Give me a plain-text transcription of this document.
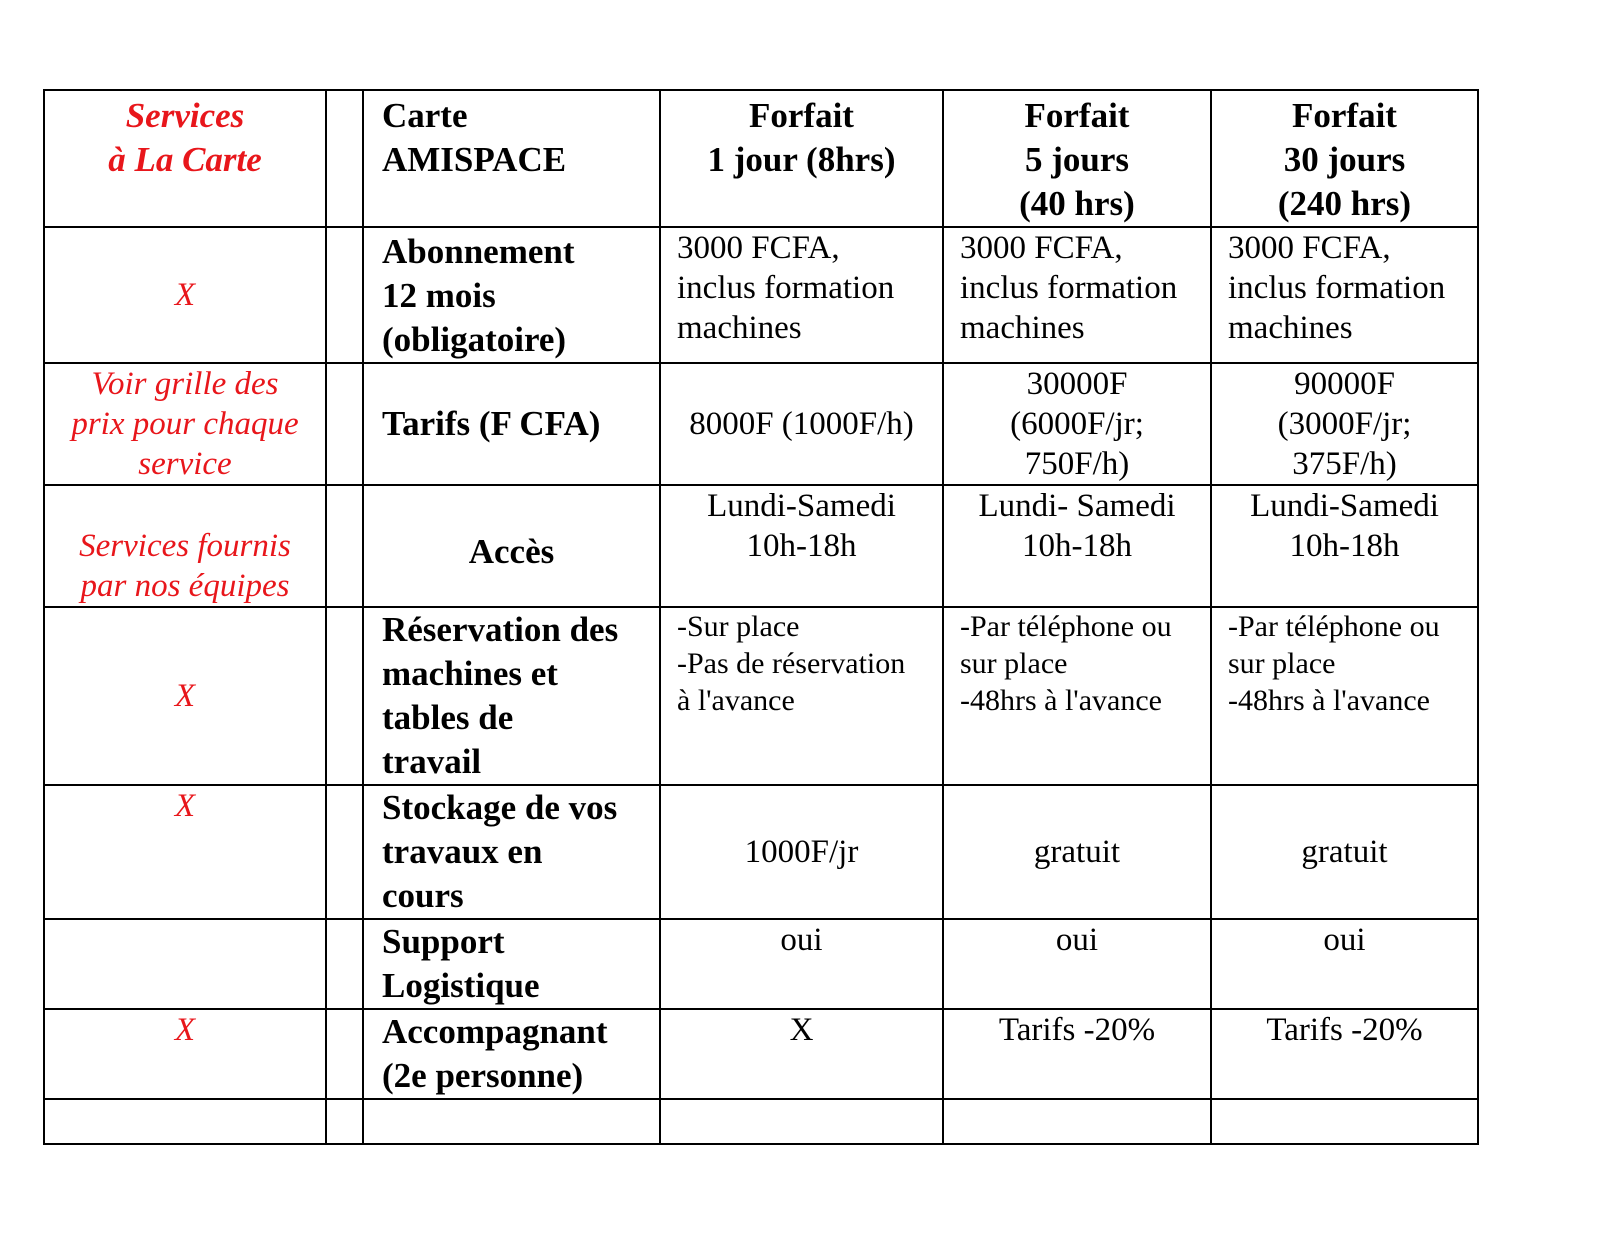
Services
à La Carte		Carte
AMISPACE	Forfait
1 jour (8hrs)	Forfait
5 jours
(40 hrs)	Forfait
30 jours
(240 hrs)

X		Abonnement
12 mois
(obligatoire)	3000 FCFA,
inclus formation
machines	3000 FCFA,
inclus formation
machines	3000 FCFA,
inclus formation
machines

Voir grille des
prix pour chaque
service		Tarifs (F CFA)	8000F (1000F/h)	30000F
(6000F/jr;
750F/h)	90000F
(3000F/jr;
375F/h)

Services fournis
par nos équipes		Accès	Lundi-Samedi
10h-18h	Lundi- Samedi
10h-18h	Lundi-Samedi
10h-18h

X		Réservation des
machines et
tables de
travail	-Sur place
-Pas de réservation
à l'avance	-Par téléphone ou
sur place
-48hrs à l'avance	-Par téléphone ou
sur place
-48hrs à l'avance

X		Stockage de vos
travaux en
cours	1000F/jr	gratuit	gratuit

		Support
Logistique	oui	oui	oui
X		Accompagnant
(2e personne)	X	Tarifs -20%	Tarifs -20%
